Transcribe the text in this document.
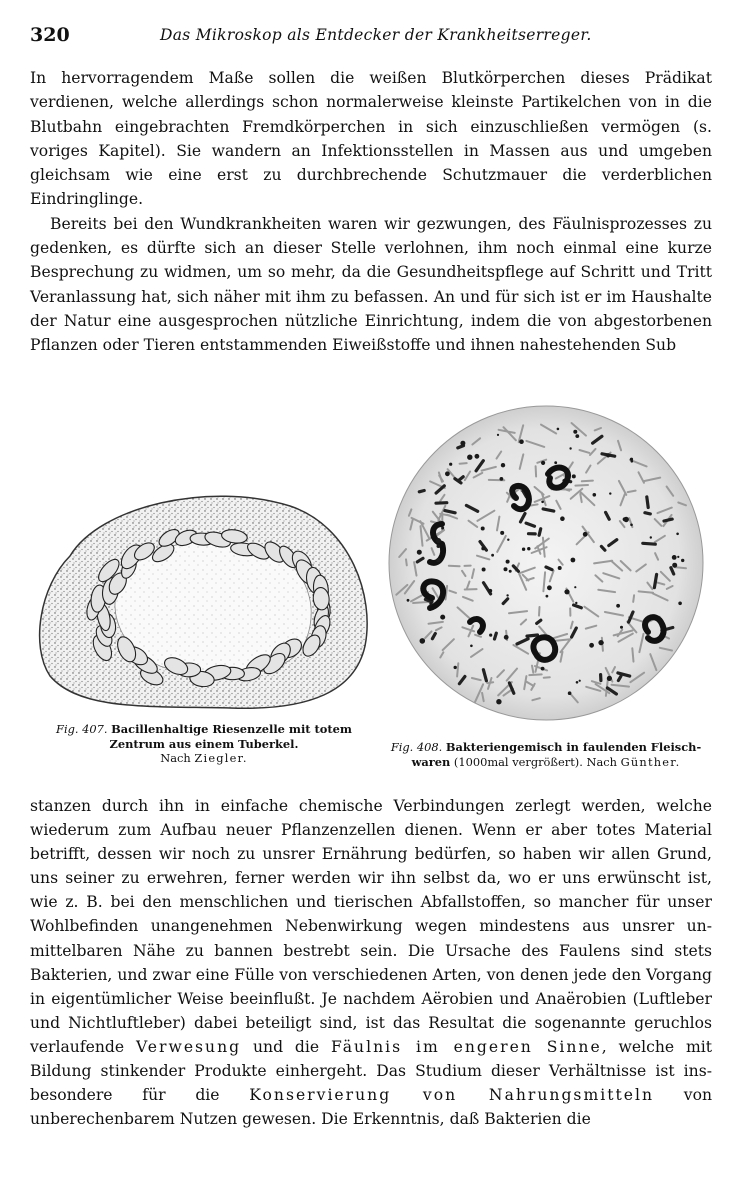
320	Das Mikroskop als Entdecker der Krankheitserreger.

In hervorragendem Maße sollen die weißen Blutkörperchen dieses Prädikat verdienen, welche allerdings schon normalerweise kleinste Partikelchen von in die Blutbahn eingebrachten Fremdkörperchen in sich einzuschließen vermögen (s. voriges Kapitel). Sie wandern an Infektionsstellen in Massen aus und umgeben gleichsam wie eine erst zu durchbrechende Schutzmauer die verderblichen Eindringlinge.

Bereits bei den Wundkrankheiten waren wir gezwungen, des Fäulnisprozesses zu gedenken, es dürfte sich an dieser Stelle verlohnen, ihm noch einmal eine kurze Besprechung zu widmen, um so mehr, da die Gesundheitspflege auf Schritt und Tritt Veranlassung hat, sich näher mit ihm zu befassen. An und für sich ist er im Haushalte der Natur eine ausgesprochen nützliche Einrichtung, indem die von abgestorbenen Pflanzen oder Tieren entstammenden Eiweißstoffe und ihnen nahestehenden Sub

Fig. 407. Bacillenhaltige Riesenzelle mit totem Zentrum aus einem Tuberkel.
Nach Ziegler.
Fig. 408. Bakteriengemisch in faulenden Fleischwaren (1000mal vergrößert). Nach Günther.

stanzen durch ihn in einfache chemische Verbindungen zerlegt werden, welche wiederum zum Aufbau neuer Pflanzenzellen dienen. Wenn er aber totes Material betrifft, dessen wir noch zu unsrer Ernährung bedürfen, so haben wir allen Grund, uns seiner zu erwehren, ferner werden wir ihn selbst da, wo er uns erwünscht ist, wie z. B. bei den menschlichen und tierischen Abfallstoffen, so mancher für unser Wohlbefinden unangenehmen Nebenwirkung wegen mindestens aus unsrer unmittelbaren Nähe zu bannen bestrebt sein. Die Ursache des Faulens sind stets Bakterien, und zwar eine Fülle von verschiedenen Arten, von denen jede den Vorgang in eigentümlicher Weise beeinflußt. Je nachdem Aërobien und Anaërobien (Luftleber und Nichtluftleber) dabei beteiligt sind, ist das Resultat die sogenannte geruchlos verlaufende Verwesung und die Fäulnis im engeren Sinne, welche mit Bildung stinkender Produkte einhergeht. Das Studium dieser Verhältnisse ist insbesondere für die Konservierung von Nahrungsmitteln von unberechenbarem Nutzen gewesen. Die Erkenntnis, daß Bakterien die
